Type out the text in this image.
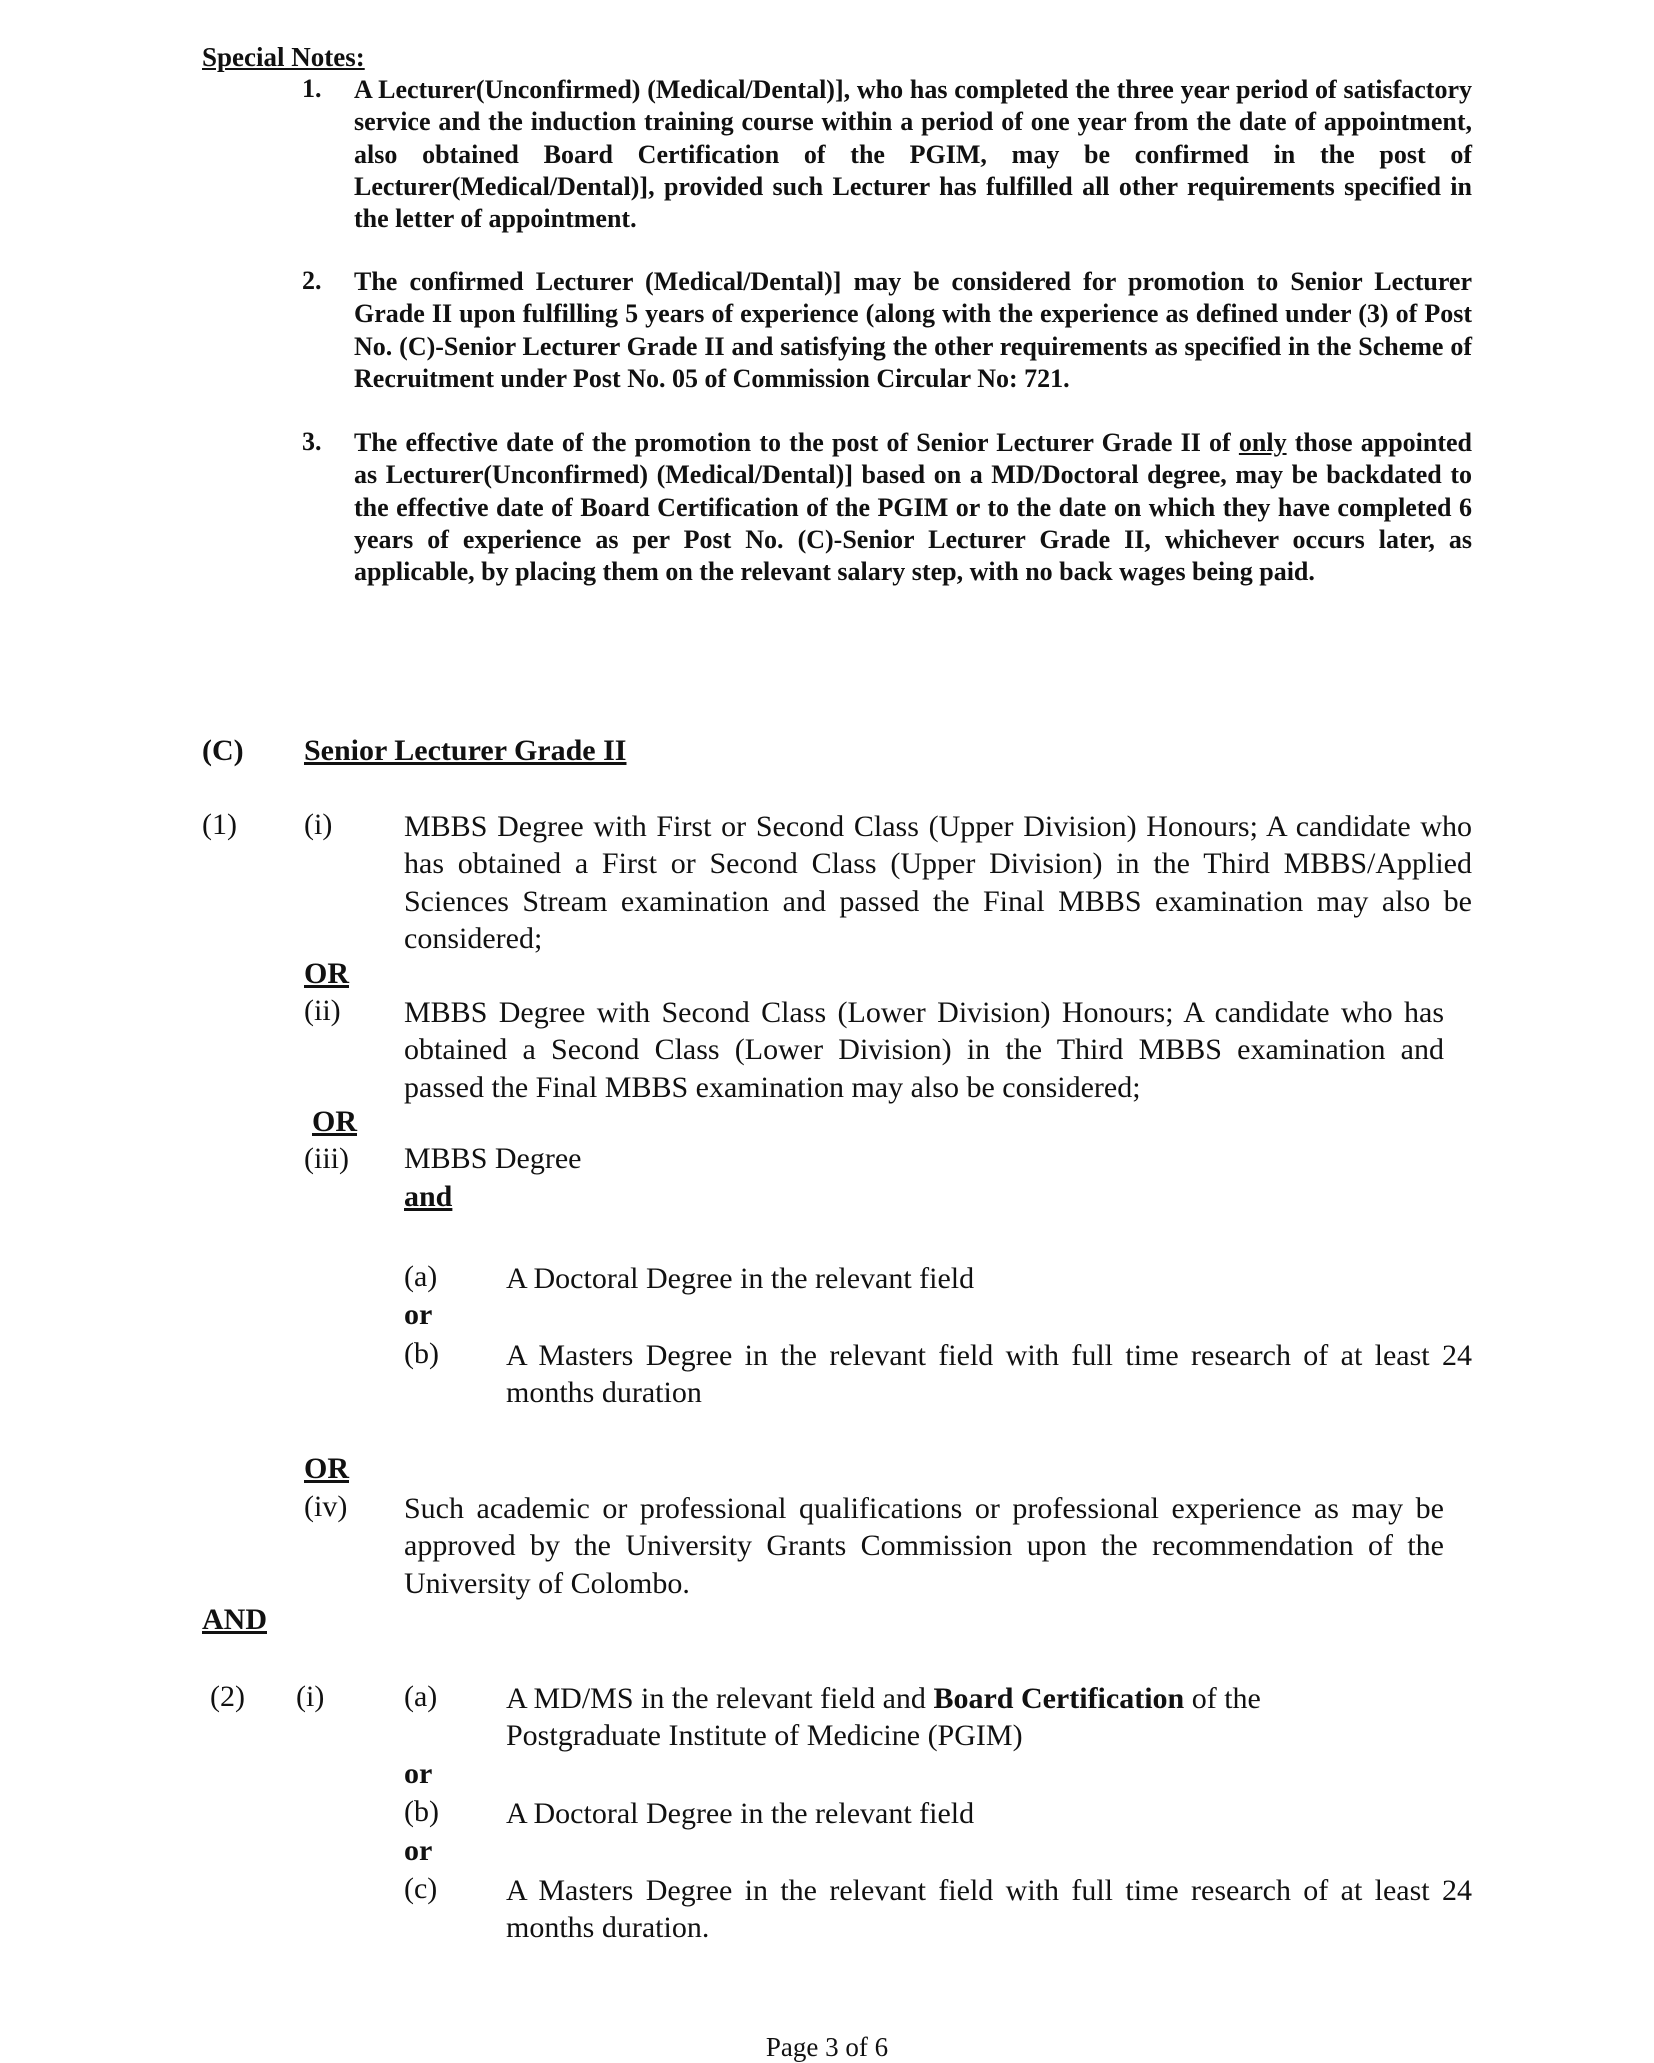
Special Notes:
1. A Lecturer(Unconfirmed) (Medical/Dental)], who has completed the three year period of satisfactory service and the induction training course within a period of one year from the date of appointment, also obtained Board Certification of the PGIM, may be confirmed in the post of Lecturer(Medical/Dental)], provided such Lecturer has fulfilled all other requirements specified in the letter of appointment.
2. The confirmed Lecturer (Medical/Dental)] may be considered for promotion to Senior Lecturer Grade II upon fulfilling 5 years of experience (along with the experience as defined under (3) of Post No. (C)-Senior Lecturer Grade II and satisfying the other requirements as specified in the Scheme of Recruitment under Post No. 05 of Commission Circular No: 721.
3. The effective date of the promotion to the post of Senior Lecturer Grade II of only those appointed as Lecturer(Unconfirmed) (Medical/Dental)] based on a MD/Doctoral degree, may be backdated to the effective date of Board Certification of the PGIM or to the date on which they have completed 6 years of experience as per Post No. (C)-Senior Lecturer Grade II, whichever occurs later, as applicable, by placing them on the relevant salary step, with no back wages being paid.
(C) Senior Lecturer Grade II
(1) (i) MBBS Degree with First or Second Class (Upper Division) Honours; A candidate who has obtained a First or Second Class (Upper Division) in the Third MBBS/Applied Sciences Stream examination and passed the Final MBBS examination may also be considered;
OR
(ii) MBBS Degree with Second Class (Lower Division) Honours; A candidate who has obtained a Second Class (Lower Division) in the Third MBBS examination and passed the Final MBBS examination may also be considered;
OR
(iii) MBBS Degree
and
(a) A Doctoral Degree in the relevant field
or
(b) A Masters Degree in the relevant field with full time research of at least 24 months duration
OR
(iv) Such academic or professional qualifications or professional experience as may be approved by the University Grants Commission upon the recommendation of the University of Colombo.
AND
(2) (i)	(a) A MD/MS in the relevant field and Board Certification of the Postgraduate Institute of Medicine (PGIM)
or
(b) A Doctoral Degree in the relevant field
or
(c) A Masters Degree in the relevant field with full time research of at least 24 months duration.
Page 3 of 6
